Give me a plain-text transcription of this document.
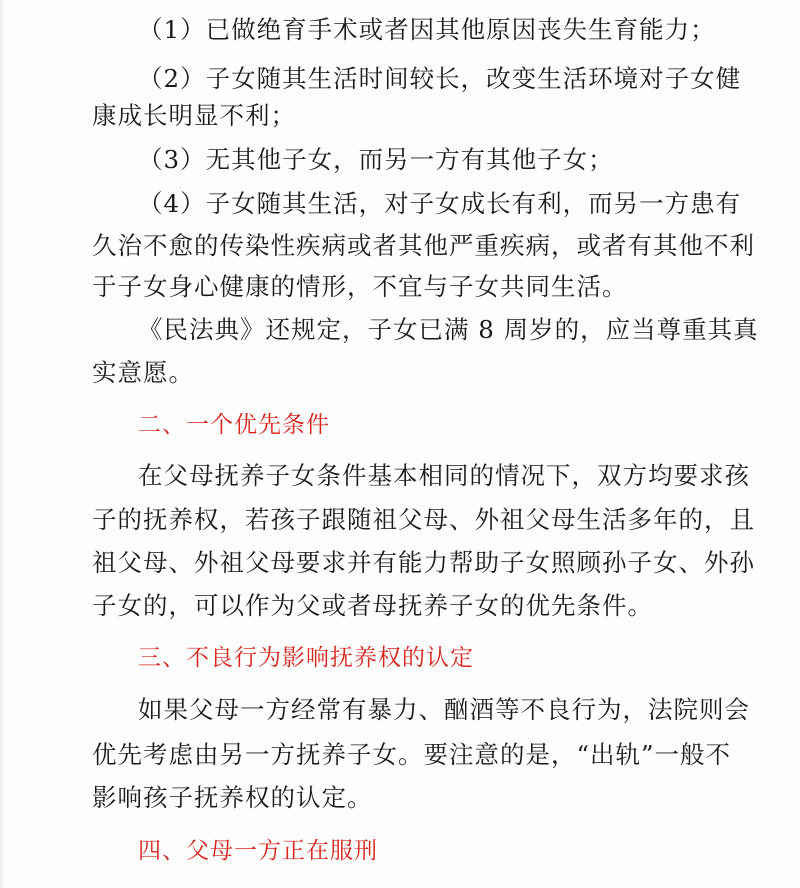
（1）已做绝育手术或者因其他原因丧失生育能力；
（2）子女随其生活时间较长，改变生活环境对子女健
康成长明显不利；
（3）无其他子女，而另一方有其他子女；
（4）子女随其生活，对子女成长有利，而另一方患有
久治不愈的传染性疾病或者其他严重疾病，或者有其他不利
于子女身心健康的情形，不宜与子女共同生活。
《民法典》还规定，子女已满 8 周岁的，应当尊重其真
实意愿。
二、一个优先条件
在父母抚养子女条件基本相同的情况下，双方均要求孩
子的抚养权，若孩子跟随祖父母、外祖父母生活多年的，且
祖父母、外祖父母要求并有能力帮助子女照顾孙子女、外孙
子女的，可以作为父或者母抚养子女的优先条件。
三、不良行为影响抚养权的认定
如果父母一方经常有暴力、酗酒等不良行为，法院则会
优先考虑由另一方抚养子女。要注意的是，“出轨”一般不
影响孩子抚养权的认定。
四、父母一方正在服刑
